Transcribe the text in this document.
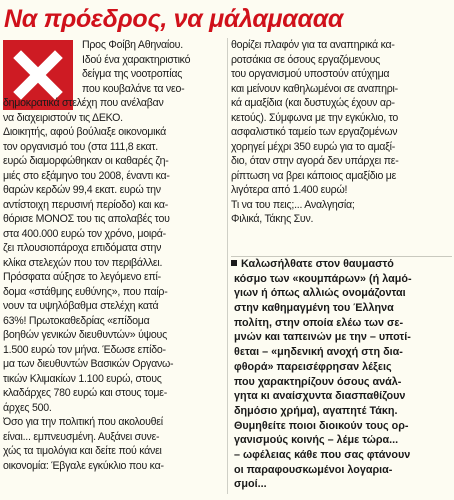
Να πρόεδρος, να μάλαμαααα
Προς Φοίβη Αθηναίου.
Ιδού ένα χαρακτηριστικό
δείγμα της νοοτροπίας
που κουβαλάνε τα νεο-
δημοκρατικά στελέχη που ανέλαβαν
να διαχειριστούν τις ΔΕΚΟ.
Διοικητής, αφού βούλιαξε οικονομικά
τον οργανισμό του (στα 111,8 εκατ.
ευρώ διαμορφώθηκαν οι καθαρές ζη-
μιές στο εξάμηνο του 2008, έναντι κα-
θαρών κερδών 99,4 εκατ. ευρώ την
αντίστοιχη περυσινή περίοδο) και κα-
θόρισε ΜΟΝΟΣ του τις απολαβές του
στα 400.000 ευρώ τον χρόνο, μοιρά-
ζει πλουσιοπάροχα επιδόματα στην
κλίκα στελεχών που τον περιβάλλει.
Πρόσφατα αύξησε το λεγόμενο επί-
δομα «στάθμης ευθύνης», που παίρ-
νουν τα υψηλόβαθμα στελέχη κατά
63%! Πρωτοκαθεδρίας «επίδομα
βοηθών γενικών διευθυντών» ύψους
1.500 ευρώ τον μήνα. Έδωσε επίδο-
μα των διευθυντών Βασικών Οργανω-
τικών Κλιμακίων 1.100 ευρώ, στους
κλαδάρχες 780 ευρώ και στους τομε-
άρχες 500.
Όσο για την πολιτική που ακολουθεί
είναι... εμπνευσμένη. Αυξάνει συνε-
χώς τα τιμολόγια και δείτε πού κάνει
οικονομία: Έβγαλε εγκύκλιο που κα-
θορίζει πλαφόν για τα αναπηρικά κα-
ροτσάκια σε όσους εργαζόμενους
του οργανισμού υποστούν ατύχημα
και μείνουν καθηλωμένοι σε αναπηρι-
κά αμαξίδια (και δυστυχώς έχουν αρ-
κετούς). Σύμφωνα με την εγκύκλιο, το
ασφαλιστικό ταμείο των εργαζομένων
χορηγεί μέχρι 350 ευρώ για το αμαξί-
διο, όταν στην αγορά δεν υπάρχει πε-
ρίπτωση να βρει κάποιος αμαξίδιο με
λιγότερα από 1.400 ευρώ!
Τι να του πεις;... Αναλγησία;
Φιλικά, Τάκης Συν.
Καλωσήλθατε στον θαυμαστό
κόσμο των «κουμπάρων» (ή λαμό-
γιων ή όπως αλλιώς ονομάζονται
στην καθημαγμένη του Έλληνα
πολίτη, στην οποία ελέω των σε-
μνών και ταπεινών με την – υποτί-
θεται – «μηδενική ανοχή στη δια-
φθορά» παρεισέφρησαν λέξεις
που χαρακτηρίζουν όσους ανάλ-
γητα κι αναίσχυντα διασπαθίζουν
δημόσιο χρήμα), αγαπητέ Τάκη.
Θυμηθείτε ποιοι διοικούν τους ορ-
γανισμούς κοινής – λέμε τώρα...
– ωφέλειας κάθε που σας φτάνουν
οι παραφουσκωμένοι λογαρια-
σμοί...
